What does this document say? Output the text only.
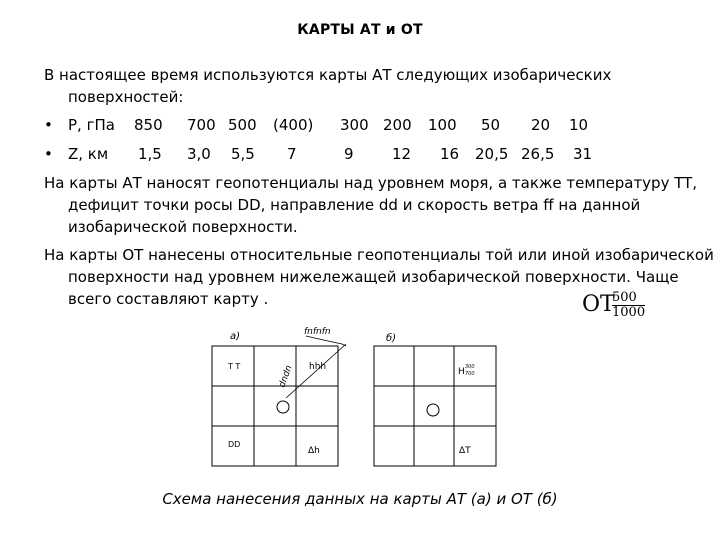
КАРТЫ АТ и ОТ
В настоящее время используются карты АТ следующих изобарических поверхностей:
• P, гПа 850 700 500 (400) 300 200 100 50 20 10
• Z, км 1,5 3,0 5,5 7	9	12 16 20,5 26,5 31
На карты АТ наносят геопотенциалы над уровнем моря, а также температуру TT, дефицит точки росы DD, направление dd и скорость ветра ff на данной изобарической поверхности.
На карты ОТ нанесены относительные геопотенциалы той или иной изобарической поверхности над уровнем нижележащей изобарической поверхности. Чаще всего составляют карту .	ОТ
$\frac{500}{1000}$
а)	fnfnfn
T T	hhh
dndn
DD
Δh
б)
H 300
700
ΔT
Схема нанесения данных на карты АТ (а) и ОТ (б)
